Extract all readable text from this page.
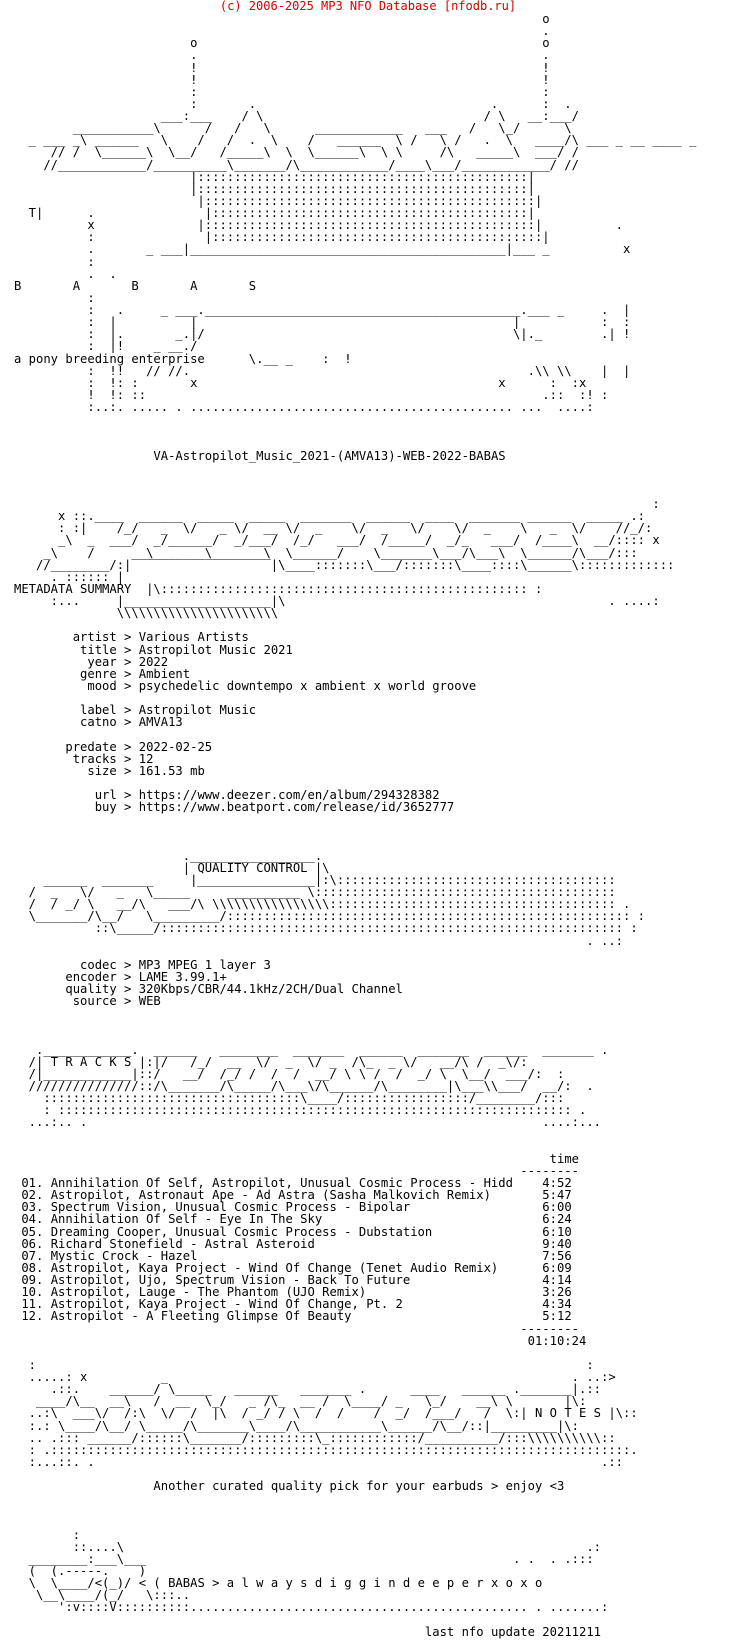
(c) 2006-2025 MP3 NFO Database [nfodb.ru]
o
.
o                                               o
.                                               .
!                                               !
!                                               !
:                                               :
:       .                                .      :  .
___:___    / \                              / \   __:___/
___________\      /   /   \      ____________   ___   /   \_/      \
_ ___ _\ ______   \    /   /  .  \    /   ______  \ /   \ /   .  \   ____/\ ___ _ __ ____ _
// /  \______\  \__/   /_____\  \  \______\  \ \     /\   _____\  ___/ /
//____________/__________\_______/\____________/____\___/____________/ //
|:::::::::::::::::::::::::::::::::::::::::::::|
|:::::::::::::::::::::::::::::::::::::::::::::|
|:::::::::::::::::::::::::::::::::::::::::::::|
T|      .               |:::::::::::::::::::::::::::::::::::::::::::|
x              |:::::::::::::::::::::::::::::::::::::::::::::|          .
:               |:::::::::::::::::::::::::::::::::::::::::::::|
.       _ ___|___________________________________________|___ _          x
:
.  .
B       A       B       A       S
:
:   .     _ ___.___________________________________________.___ _     .  |
:  |          |                                           |           :  :
:  |.       _.|/                                          \|._        .| !
:  |!    _ __./
a pony breeding enterprise	\.__ _    :  !
:  !!   // //.                                              .\\ \\    |  |
:  !: :       x                                         x      :  :x
!  !: ::                                                      .::  :! :
:..:. ..... . ............................................ ...  ....:

VA-Astropilot_Music_2021-(AMVA13)-WEB-2022-BABAS

:
x ::.____  ______  _____  _____  _______  ______  ____  _______ ______  _____ .:
: :|    /_/   _  \/   _ \/  __ \/  _    \/  _   \/    \/  _    \   _  \/    //_/:
_\  _  ___/  _/______/  _/___/  /_/   ___/  /_____/  _/_   ___/  /____\  __/:::: x
_\    /       \__     \_______\  \______/    \_______\___/\___\  \______/\___/:::
//________/:|‾‾‾‾‾‾‾‾‾‾‾‾‾‾‾‾‾‾‾|\____:::::::\___/:::::::\____::::\______\:::::::::::::
. :::::: |
METADATA SUMMARY  |\:::::::::::::::::::::::::::::::::::::::::::::::::: :
:...     |____________________|\                                            . ....:
\\\\\\\\\\\\\\\\\\\\\\

artist > Various Artists
title > Astropilot Music 2021
year > 2022
genre > Ambient
mood > psychedelic downtempo x ambient x world groove

label > Astropilot Music
catno > AMVA13

predate > 2022-02-25
tracks > 12
size > 161.53 mb

url > https://www.deezer.com/en/album/294328382
buy > https://www.beatport.com/release/id/3652777

._________________.
| QUALITY CONTROL |\
______  _______     |________________|:\::::::::::::::::::::::::::::::::::::::
/  _   \/   _   \_____     __________ \:::::::::::::::::::::::::::::::::::::::::
/  / _/ \   __/\   ___/\ \\\\\\\\\\\\\\\\::::::::::::::::::::::::::::::::::::::: .
\_______/\__/   \_________/::::::::::::::::::::::::::::::::::::::::::::::::::::::: :
::\_____/::::::::::::::::::::::::::::::::::::::::::::::::::::::::::::::: :
. ..:

codec > MP3 MPEG 1 layer 3
encoder > LAME 3.99.1+
quality > 320Kbps/CBR/44.1kHz/2CH/Dual Channel
source > WEB

.____________.  ______   ________  _______  ______  _______  ______  _______ .
/| T R A C K S |:|/   /_/  __  \/  _  \/ _  /\_  _ \/   __/\ /  _\/:
/|____________|::/   __/  /_/ /  /  /  __/ \ \ /  /  _/ \  \__/  ___/:  :
///////////////::/\_______/\_____/\___\/\______/\________|\___\\___/  __/:  .
:::::::::::::::::::::::::::::::::::\____/:::::::::::::::::/________/:::
: :::::::::::::::::::::::::::::::::::::::::::::::::::::::::::::::::::::: .
...:.. .                                                              ....:...

time
--------
01. Annihilation Of Self, Astropilot, Unusual Cosmic Process - Hidd    4:52
02. Astropilot, Astronaut Ape - Ad Astra (Sasha Malkovich Remix)       5:47
03. Spectrum Vision, Unusual Cosmic Process - Bipolar                  6:00
04. Annihilation Of Self - Eye In The Sky                              6:24
05. Dreaming Cooper, Unusual Cosmic Process - Dubstation               6:10
06. Richard Stonefield - Astral Asteroid                               9:40
07. Mystic Crock - Hazel                                               7:56
08. Astropilot, Kaya Project - Wind Of Change (Tenet Audio Remix)      6:09
09. Astropilot, Ujo, Spectrum Vision - Back To Future                  4:14
10. Astropilot, Lauge - The Phantom (UJO Remix)                        3:26
11. Astropilot, Kaya Project - Wind Of Change, Pt. 2                   4:34
12. Astropilot - A Fleeting Glimpse Of Beauty                          5:12
--------
01:10:24

:                                                                           :
.....: x          _                                                       . ..:>
.::.    ______/ \_____   ______   _______ .      ____   ______ ._______|.::
____/\__  __\   /  __  \_/   _ /\_  __ /  \____/ _   \_/    __\ \       |\:
..:\  ___\/  /:\  \/  /  |\  / _/ / \  /  /    /  _/  /___/   /  \:| N O T E S |\::
:.: \____/\__/ \_____/\_______\____/\___________\______/\__/::|_________|\:
.. .::: ______/::::::\_______/:::::::::\_::::::::::::/__________/:::\\\\\\\\\\::
: .:::::::::::::::::::::::::::::::::::::::::::::::::::::::::::::::::::::::::::::::.
:...::. .                                                                     .::

Another curated quality pick for your earbuds > enjoy <3

:
::....\                                                               .:
________:___\___                                                  . .  . .:::
(  (.-----.    )
\  \____/<(_)/ < ( BABAS > a l w a y s d i g g i n d e e p e r x o x o
\__\____/(_/   \:::..
':v::::V::::::::::.............................................. . .......:

last nfo update 20211211
